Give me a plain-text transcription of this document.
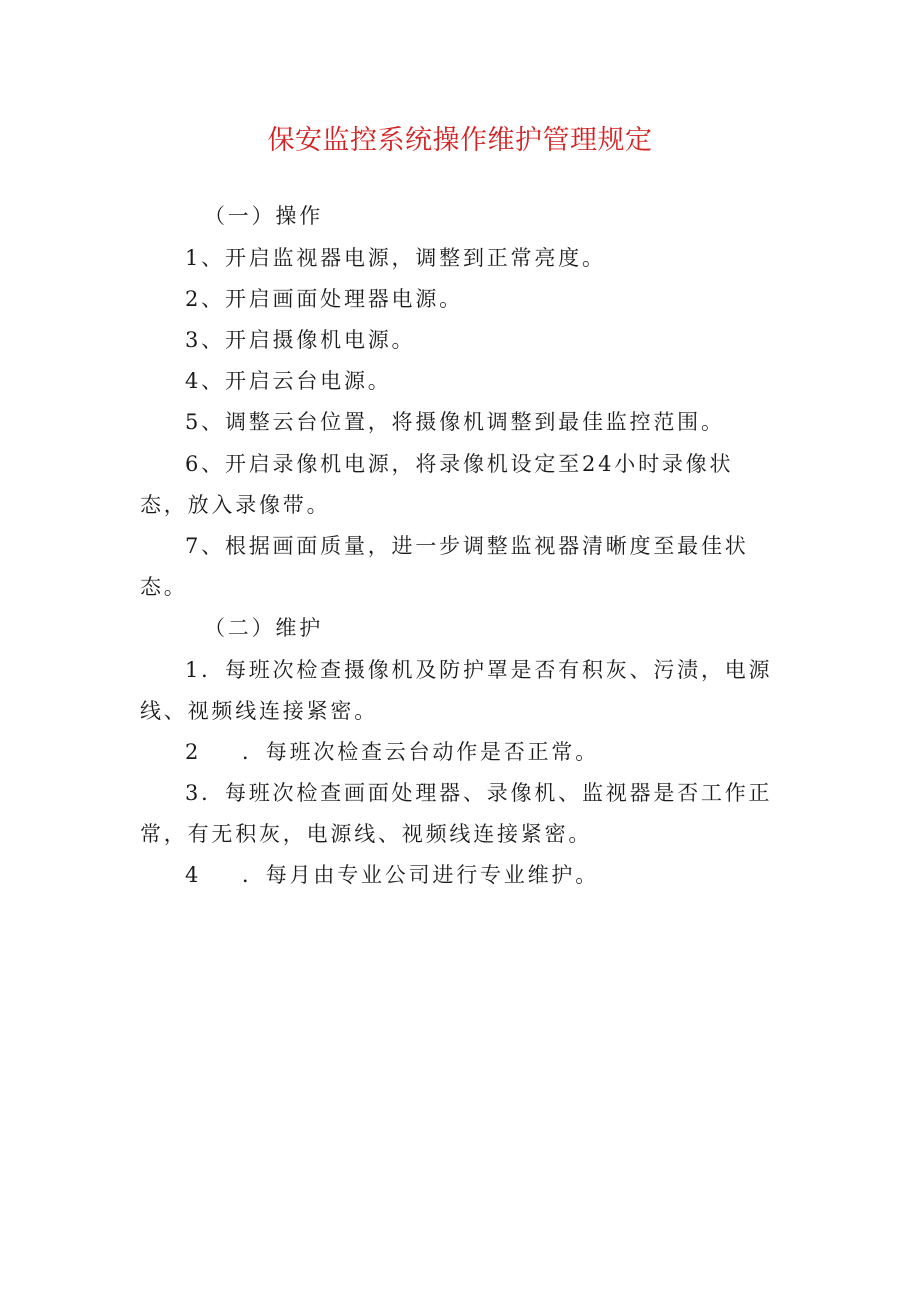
保安监控系统操作维护管理规定
（一）操作
1、开启监视器电源，调整到正常亮度。
2、开启画面处理器电源。
3、开启摄像机电源。
4、开启云台电源。
5、调整云台位置，将摄像机调整到最佳监控范围。
6、开启录像机电源，将录像机设定至24小时录像状
态，放入录像带。
7、根据画面质量，进一步调整监视器清晰度至最佳状
态。
（二）维护
1．每班次检查摄像机及防护罩是否有积灰、污渍，电源
线、视频线连接紧密。
2 ．每班次检查云台动作是否正常。
3．每班次检查画面处理器、录像机、监视器是否工作正
常，有无积灰，电源线、视频线连接紧密。
4 ．每月由专业公司进行专业维护。
